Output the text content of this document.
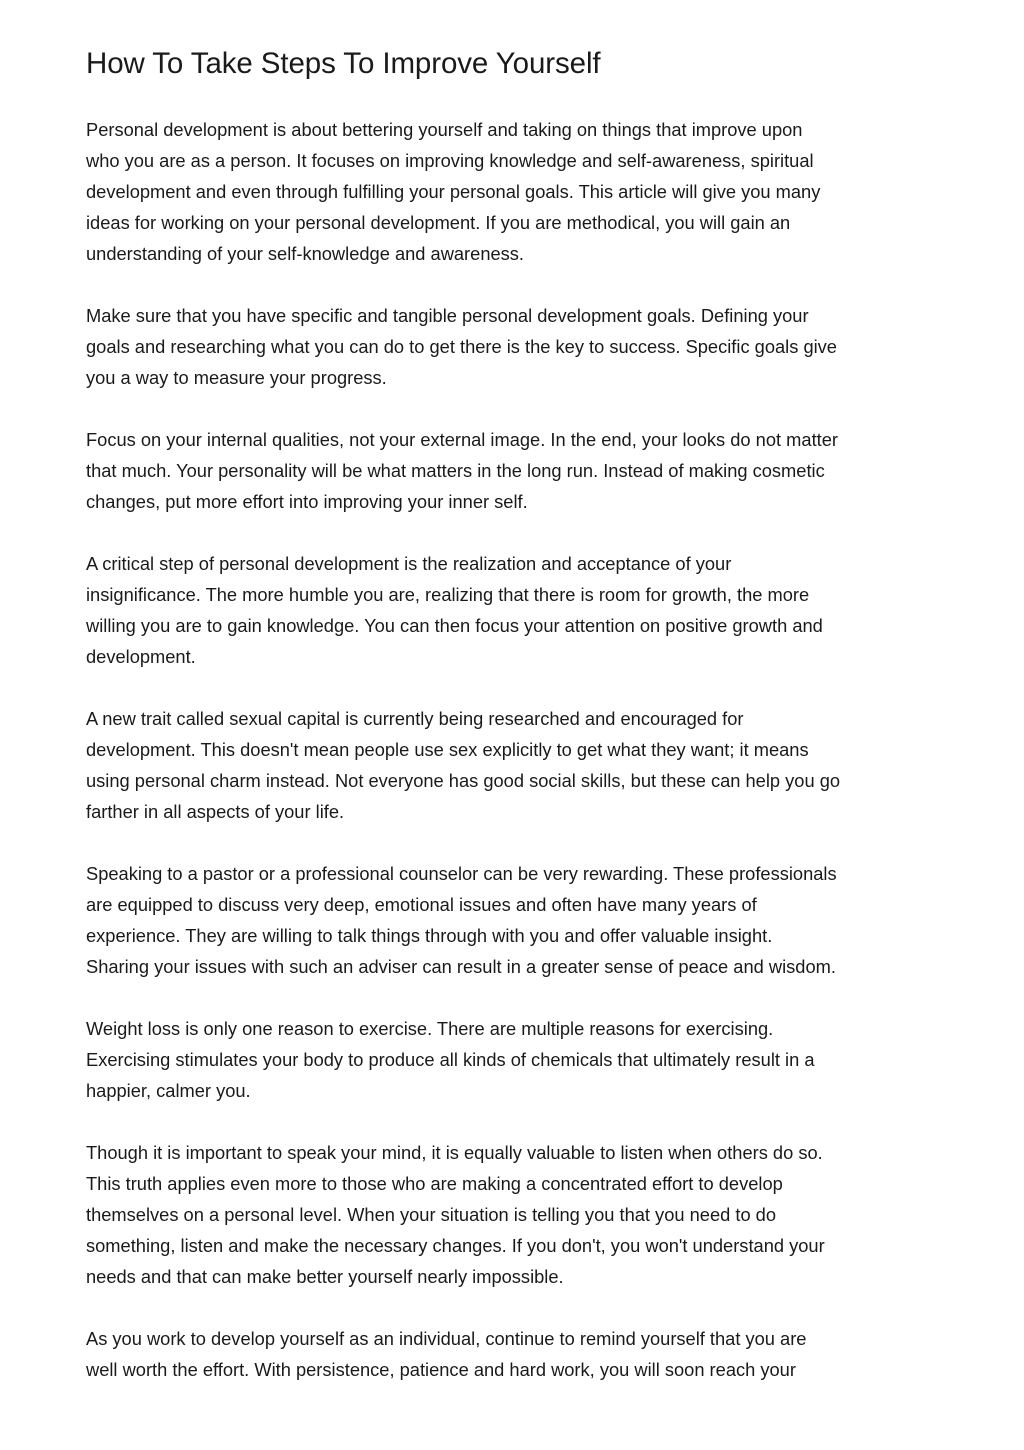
How To Take Steps To Improve Yourself

Personal development is about bettering yourself and taking on things that improve upon
who you are as a person. It focuses on improving knowledge and self-awareness, spiritual
development and even through fulfilling your personal goals. This article will give you many
ideas for working on your personal development. If you are methodical, you will gain an
understanding of your self-knowledge and awareness.

Make sure that you have specific and tangible personal development goals. Defining your
goals and researching what you can do to get there is the key to success. Specific goals give
you a way to measure your progress.

Focus on your internal qualities, not your external image. In the end, your looks do not matter
that much. Your personality will be what matters in the long run. Instead of making cosmetic
changes, put more effort into improving your inner self.

A critical step of personal development is the realization and acceptance of your
insignificance. The more humble you are, realizing that there is room for growth, the more
willing you are to gain knowledge. You can then focus your attention on positive growth and
development.

A new trait called sexual capital is currently being researched and encouraged for
development. This doesn't mean people use sex explicitly to get what they want; it means
using personal charm instead. Not everyone has good social skills, but these can help you go
farther in all aspects of your life.

Speaking to a pastor or a professional counselor can be very rewarding. These professionals
are equipped to discuss very deep, emotional issues and often have many years of
experience. They are willing to talk things through with you and offer valuable insight.
Sharing your issues with such an adviser can result in a greater sense of peace and wisdom.

Weight loss is only one reason to exercise. There are multiple reasons for exercising.
Exercising stimulates your body to produce all kinds of chemicals that ultimately result in a
happier, calmer you.

Though it is important to speak your mind, it is equally valuable to listen when others do so.
This truth applies even more to those who are making a concentrated effort to develop
themselves on a personal level. When your situation is telling you that you need to do
something, listen and make the necessary changes. If you don't, you won't understand your
needs and that can make better yourself nearly impossible.

As you work to develop yourself as an individual, continue to remind yourself that you are
well worth the effort. With persistence, patience and hard work, you will soon reach your
